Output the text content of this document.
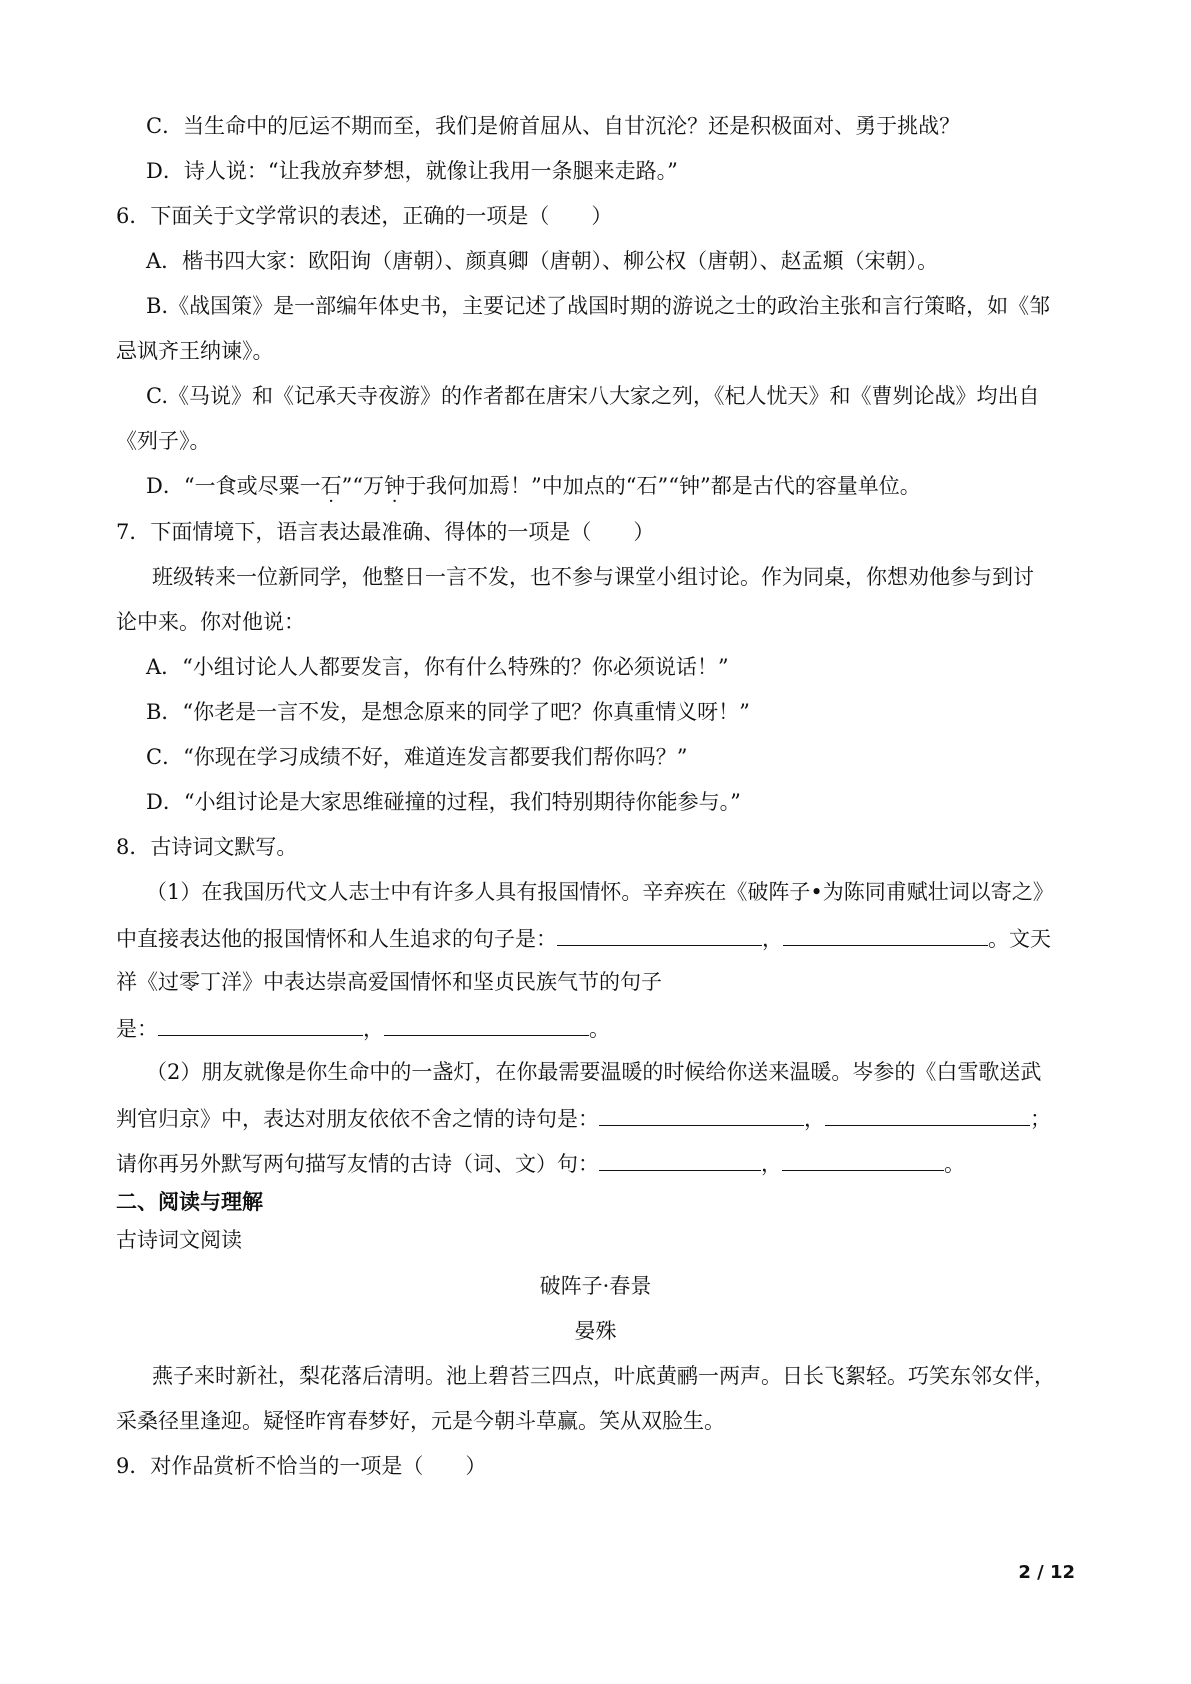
C．当生命中的厄运不期而至，我们是俯首屈从、自甘沉沦？还是积极面对、勇于挑战？
D．诗人说：“让我放弃梦想，就像让我用一条腿来走路。”
6．下面关于文学常识的表述，正确的一项是（　　）
A．楷书四大家：欧阳询（唐朝）、颜真卿（唐朝）、柳公权（唐朝）、赵孟頫（宋朝）。
B.《战国策》是一部编年体史书，主要记述了战国时期的游说之士的政治主张和言行策略，如《邹
忌讽齐王纳谏》。
C.《马说》和《记承天寺夜游》的作者都在唐宋八大家之列，《杞人忧天》和《曹刿论战》均出自
《列子》。
D．“一食或尽粟一石”“万钟于我何加焉！”中加点的“石”“钟”都是古代的容量单位。
7．下面情境下，语言表达最准确、得体的一项是（　　）
班级转来一位新同学，他整日一言不发，也不参与课堂小组讨论。作为同桌，你想劝他参与到讨
论中来。你对他说：
A．“小组讨论人人都要发言，你有什么特殊的？你必须说话！”
B．“你老是一言不发，是想念原来的同学了吧？你真重情义呀！”
C．“你现在学习成绩不好，难道连发言都要我们帮你吗？”
D．“小组讨论是大家思维碰撞的过程，我们特别期待你能参与。”
8．古诗词文默写。
（1）在我国历代文人志士中有许多人具有报国情怀。辛弃疾在《破阵子•为陈同甫赋壮词以寄之》
中直接表达他的报国情怀和人生追求的句子是：	，	。文天
祥《过零丁洋》中表达崇高爱国情怀和坚贞民族气节的句子
是：	，	。
（2）朋友就像是你生命中的一盏灯，在你最需要温暖的时候给你送来温暖。岑参的《白雪歌送武
判官归京》中，表达对朋友依依不舍之情的诗句是：	，	；
请你再另外默写两句描写友情的古诗（词、文）句：	，	。
二、阅读与理解
古诗词文阅读
破阵子·春景
晏殊
燕子来时新社，梨花落后清明。池上碧苔三四点，叶底黄鹂一两声。日长飞絮轻。巧笑东邻女伴，
采桑径里逢迎。疑怪昨宵春梦好，元是今朝斗草赢。笑从双脸生。
9．对作品赏析不恰当的一项是（　　）
2 / 12
